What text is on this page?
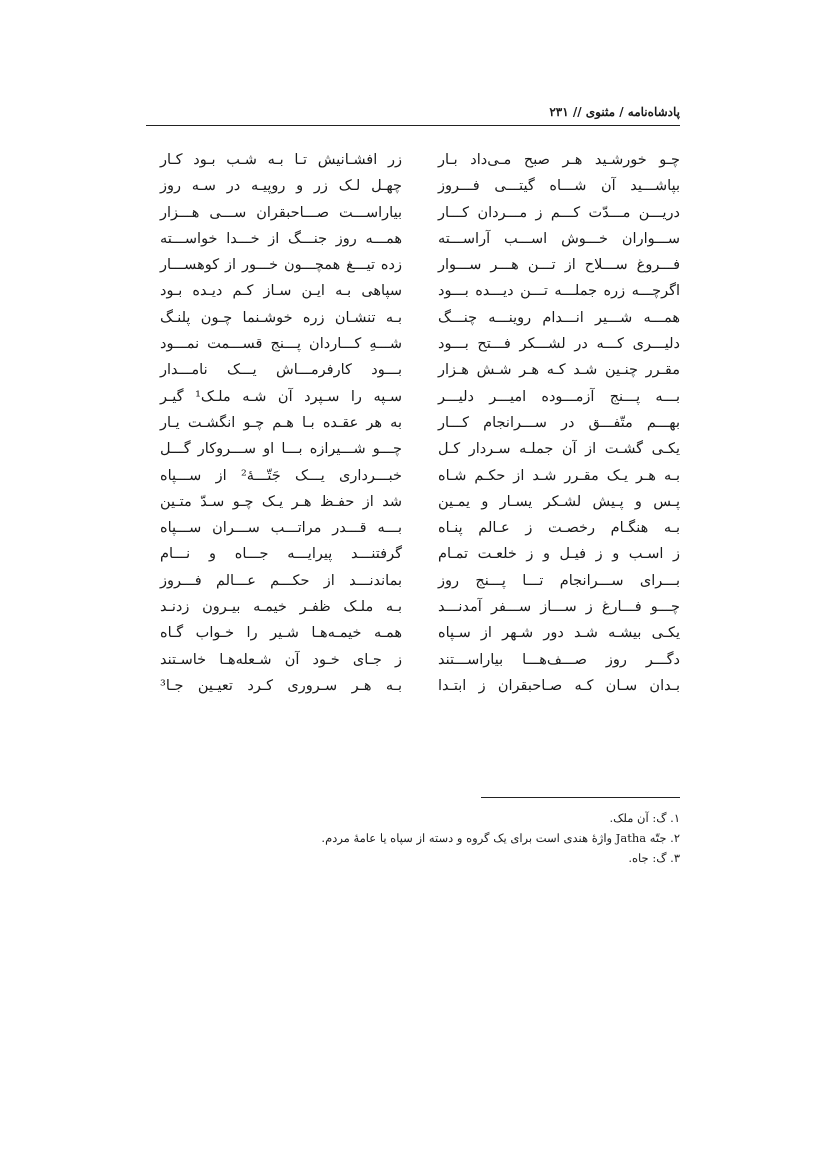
پادشاه‌نامه / مثنوی // ۲۳۱
چـو خورشـید هـر صبح مـی‌داد بـار
زر افشـانیش تـا بـه شـب بـود کـار
بپاشـــید آن شـــاه گیتـــی فـــروز
چهـل لـک زر و روپیـه در سـه روز
دریـــن مـــدّت کـــم ز مـــردان کـــار
بیاراســـت صـــاحبقران ســـی هـــزار
ســـواران خـــوش اســـب آراســـته
همـــه روز جنـــگ از خـــدا خواســـته
فـــروغ ســـلاح از تـــن هـــر ســـوار
زده تیـــغ همچـــون خـــور از کوهســـار
اگرچـــه زره جملـــه تـــن دیـــده بـــود
سپاهی بـه ایـن سـاز کـم دیـده بـود
همـــه شـــیر انـــدام روینـــه چنـــگ
بـه تنشـان زره خوشـنما چـون پلنـگ
دلیـــری کـــه در لشـــکر فـــتح بـــود
شـــهِ کـــاردان پـــنج قســـمت نمـــود
مقـرر چنـین شـد کـه هـر شـش هـزار
بـــود کارفرمـــاش یـــک نامـــدار
بـــه پـــنج آزمـــوده امیـــر دلیـــر
سـپه را سـپرد آن شـه ملـک¹ گیـر
بهـــم متّفـــق در ســـرانجام کـــار
به هر عقـده بـا هـم چـو انگشـت یـار
یکـی گشـت از آن جملـه سـردار کـل
چـــو شـــیرازه بـــا او ســـروکار گـــل
بـه هـر یـک مقـرر شـد از حکـم شـاه
خبـــرداری یـــک جَتّـــهٔ² از ســـپاه
پـس و پـیش لشـکر یسـار و یمـین
شد از حفـظ هـر یـک چـو سـدّ متـین
بـه هنگـام رخصـت ز عـالم پنـاه
بـــه قـــدر مراتـــب ســـران ســـپاه
ز اسـب و ز فیـل و ز خلعـت تمـام
گرفتنـــد پیرایـــه جـــاه و نـــام
بـــرای ســـرانجام تـــا پـــنج روز
بماندنـــد از حکـــم عـــالم فـــروز
چـــو فـــارغ ز ســـاز ســـفر آمدنـــد
بـه ملـک ظفـر خیمـه بیـرون زدنـد
یکـی بیشـه شـد دور شـهر از سـپاه
همـه خیمـه‌هـا شـیر را خـواب گـاه
دگـــر روز صـــف‌هـــا بیاراســـتند
ز جـای خـود آن شـعله‌هـا خاسـتند
بـدان سـان کـه صـاحبقران ز ابتـدا
بـه هـر سـروری کـرد تعیـین جـا³
۱. گ: آن ملک.
۲. جتّه Jatha واژهٔ هندی است برای یک گروه و دسته از سپاه یا عامهٔ مردم.
۳. گ: جاه.
